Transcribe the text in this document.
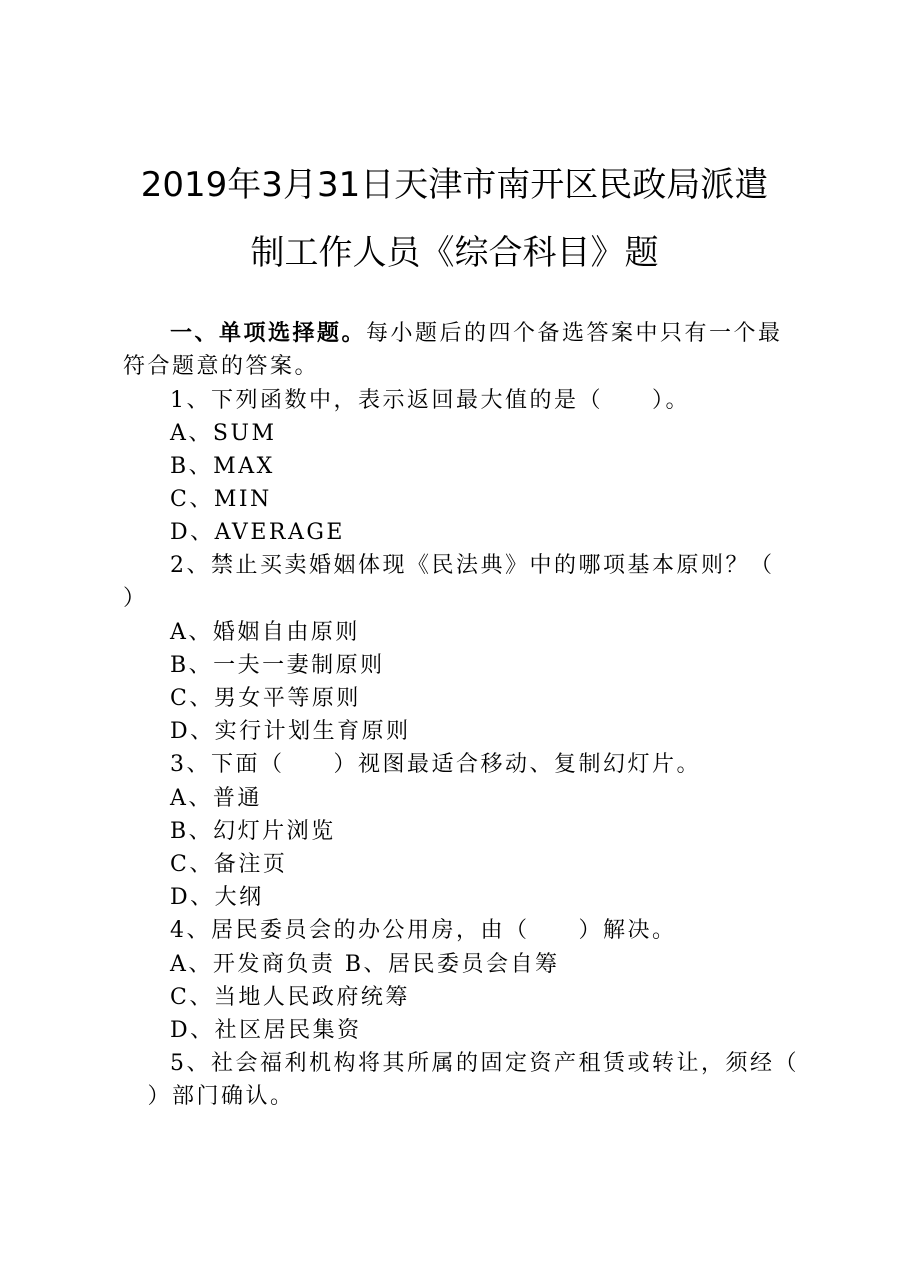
2019年3月31日天津市南开区民政局派遣
制工作人员《综合科目》题
一、单项选择题。每小题后的四个备选答案中只有一个最
符合题意的答案。
1、下列函数中，表示返回最大值的是（　　）。
A、SUM
B、MAX
C、MIN
D、AVERAGE
2、禁止买卖婚姻体现《民法典》中的哪项基本原则？（
）
A、婚姻自由原则
B、一夫一妻制原则
C、男女平等原则
D、实行计划生育原则
3、下面（　　）视图最适合移动、复制幻灯片。
A、普通
B、幻灯片浏览
C、备注页
D、大纲
4、居民委员会的办公用房，由（　　）解决。
A、开发商负责 B、居民委员会自筹
C、当地人民政府统筹
D、社区居民集资
5、社会福利机构将其所属的固定资产租赁或转让，须经（
　）部门确认。
